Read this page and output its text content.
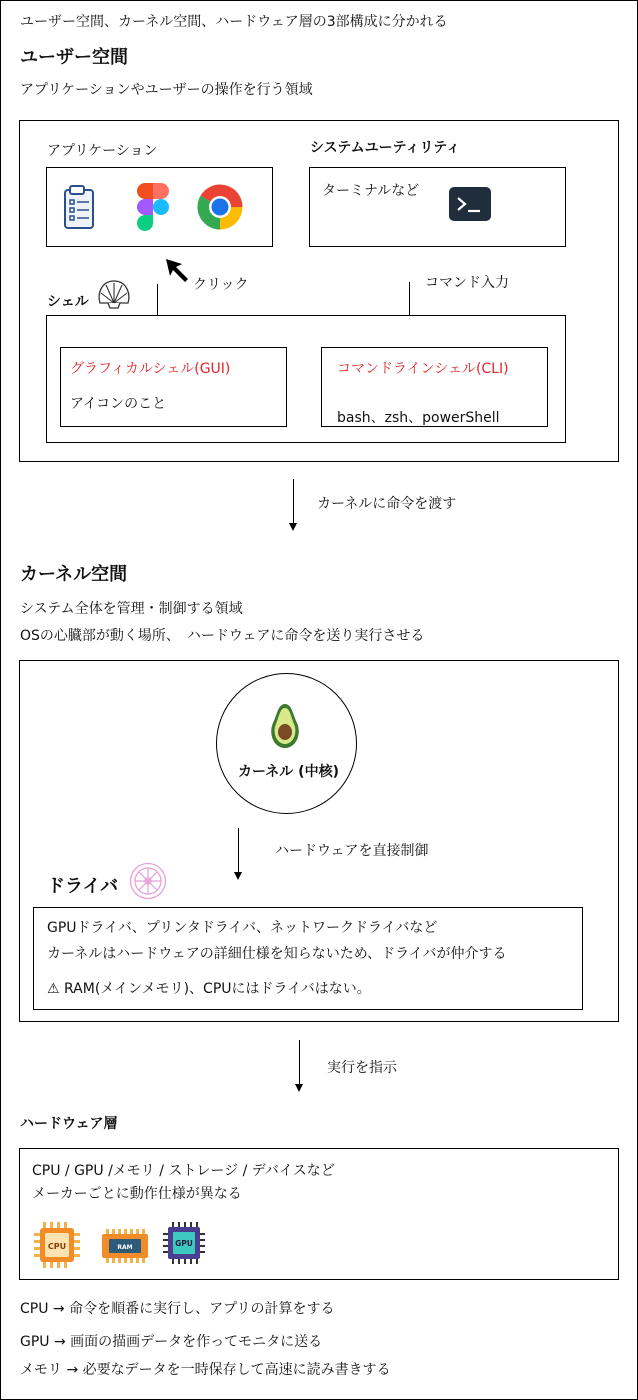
ユーザー空間、カーネル空間、ハードウェア層の3部構成に分かれる
ユーザー空間
アプリケーションやユーザーの操作を行う領域
アプリケーション	システムユーティリティ
ターミナルなど
クリック	コマンド入力
シェル
グラフィカルシェル(GUI)
アイコンのこと
コマンドラインシェル(CLI)
bash、zsh、powerShell
カーネルに命令を渡す
カーネル空間
システム全体を管理・制御する領域
OSの心臓部が動く場所、　ハードウェアに命令を送り実行させる
カーネル (中核)
ハードウェアを直接制御
ドライバ
GPUドライバ、プリンタドライバ、ネットワークドライバなど
カーネルはハードウェアの詳細仕様を知らないため、ドライバが仲介する
⚠ RAM(メインメモリ)、CPUにはドライバはない。
実行を指示
ハードウェア層
CPU / GPU /メモリ / ストレージ / デバイスなど
メーカーごとに動作仕様が異なる
CPU	RAM	GPU
CPU → 命令を順番に実行し、アプリの計算をする
GPU → 画面の描画データを作ってモニタに送る
メモリ → 必要なデータを一時保存して高速に読み書きする
